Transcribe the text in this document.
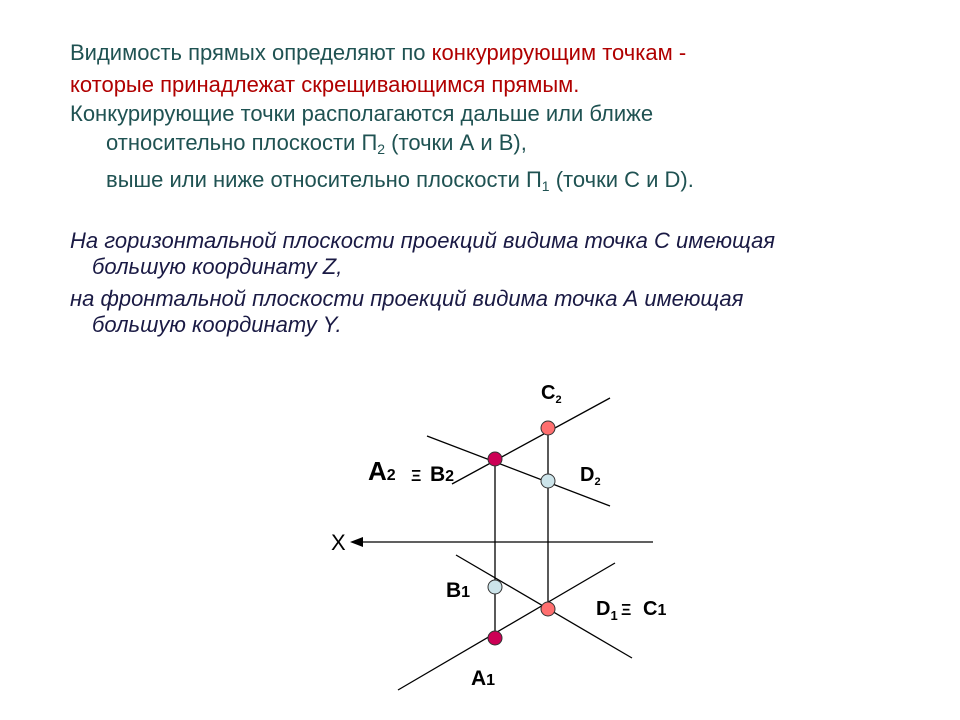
Видимость прямых определяют по конкурирующим точкам -
которые принадлежат скрещивающимся прямым.
Конкурирующие точки располагаются дальше или ближе
относительно плоскости $П_2$ (точки А и В),
выше или ниже относительно плоскости $П_1$ (точки С и D).
На горизонтальной плоскости проекций видима точка С имеющая
большую координату Z,
на фронтальной плоскости проекций видима точка А имеющая
большую координату Y.
$C_2$
A2 Ξ B2	$D_2$
X
B1
$D_1$ Ξ C1
A1
